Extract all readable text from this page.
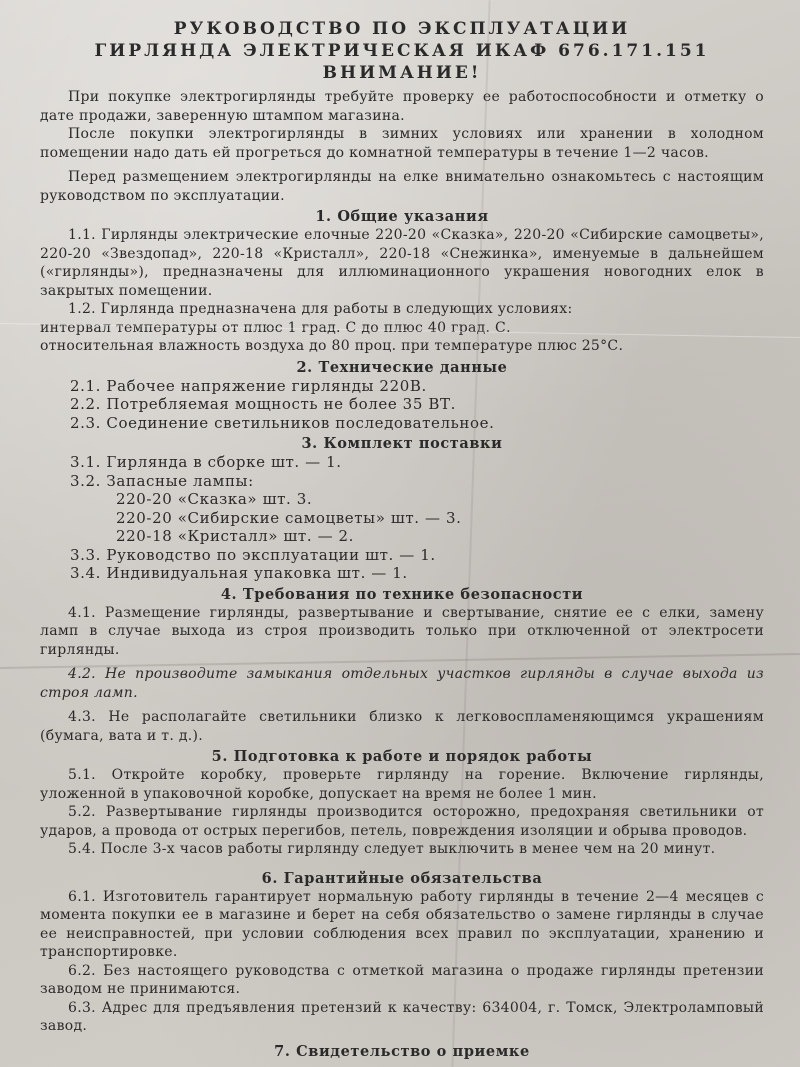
РУКОВОДСТВО ПО ЭКСПЛУАТАЦИИ

ГИРЛЯНДА ЭЛЕКТРИЧЕСКАЯ ИКАФ 676.171.151

ВНИМАНИЕ!

При покупке электрогирлянды требуйте проверку ее работоспособности и отметку о дате продажи, заверенную штампом магазина.

После покупки электрогирлянды в зимних условиях или хранении в холодном помещении надо дать ей прогреться до комнатной температуры в течение 1—2 часов.

Перед размещением электрогирлянды на елке внимательно ознакомьтесь с настоящим руководством по эксплуатации.

1. Общие указания

1.1. Гирлянды электрические елочные 220-20 «Сказка», 220-20 «Сибирские самоцветы», 220-20 «Звездопад», 220-18 «Кристалл», 220-18 «Снежинка», именуемые в дальнейшем («гирлянды»), предназначены для иллюминационного украшения новогодних елок в закрытых помещении.

1.2. Гирлянда предназначена для работы в следующих условиях:

интервал температуры от плюс 1 град. С до плюс 40 град. С.

относительная влажность воздуха до 80 проц. при температуре плюс 25°С.

2. Технические данные

2.1. Рабочее напряжение гирлянды 220В.

2.2. Потребляемая мощность не более 35 ВТ.

2.3. Соединение светильников последовательное.

3. Комплект поставки

3.1. Гирлянда в сборке шт. — 1.

3.2. Запасные лампы:

220-20 «Сказка» шт. 3.

220-20 «Сибирские самоцветы» шт. — 3.

220-18 «Кристалл» шт. — 2.

3.3. Руководство по эксплуатации шт. — 1.

3.4. Индивидуальная упаковка шт. — 1.

4. Требования по технике безопасности

4.1. Размещение гирлянды, развертывание и свертывание, снятие ее с елки, замену ламп в случае выхода из строя производить только при отключенной от электросети гирлянды.

4.2. Не производите замыкания отдельных участков гирлянды в случае выхода из строя ламп.

4.3. Не располагайте светильники близко к легковоспламеняющимся украшениям (бумага, вата и т. д.).

5. Подготовка к работе и порядок работы

5.1. Откройте коробку, проверьте гирлянду на горение. Включение гирлянды, уложенной в упаковочной коробке, допускает на время не более 1 мин.

5.2. Развертывание гирлянды производится осторожно, предохраняя светильники от ударов, а провода от острых перегибов, петель, повреждения изоляции и обрыва проводов.

5.4. После 3-х часов работы гирлянду следует выключить в менее чем на 20 минут.

6. Гарантийные обязательства

6.1. Изготовитель гарантирует нормальную работу гирлянды в течение 2—4 месяцев с момента покупки ее в магазине и берет на себя обязательство о замене гирлянды в случае ее неисправностей, при условии соблюдения всех правил по эксплуатации, хранению и транспортировке.

6.2. Без настоящего руководства с отметкой магазина о продаже гирлянды претензии заводом не принимаются.

6.3. Адрес для предъявления претензий к качеству: 634004, г. Томск, Электроламповый завод.

7. Свидетельство о приемке
